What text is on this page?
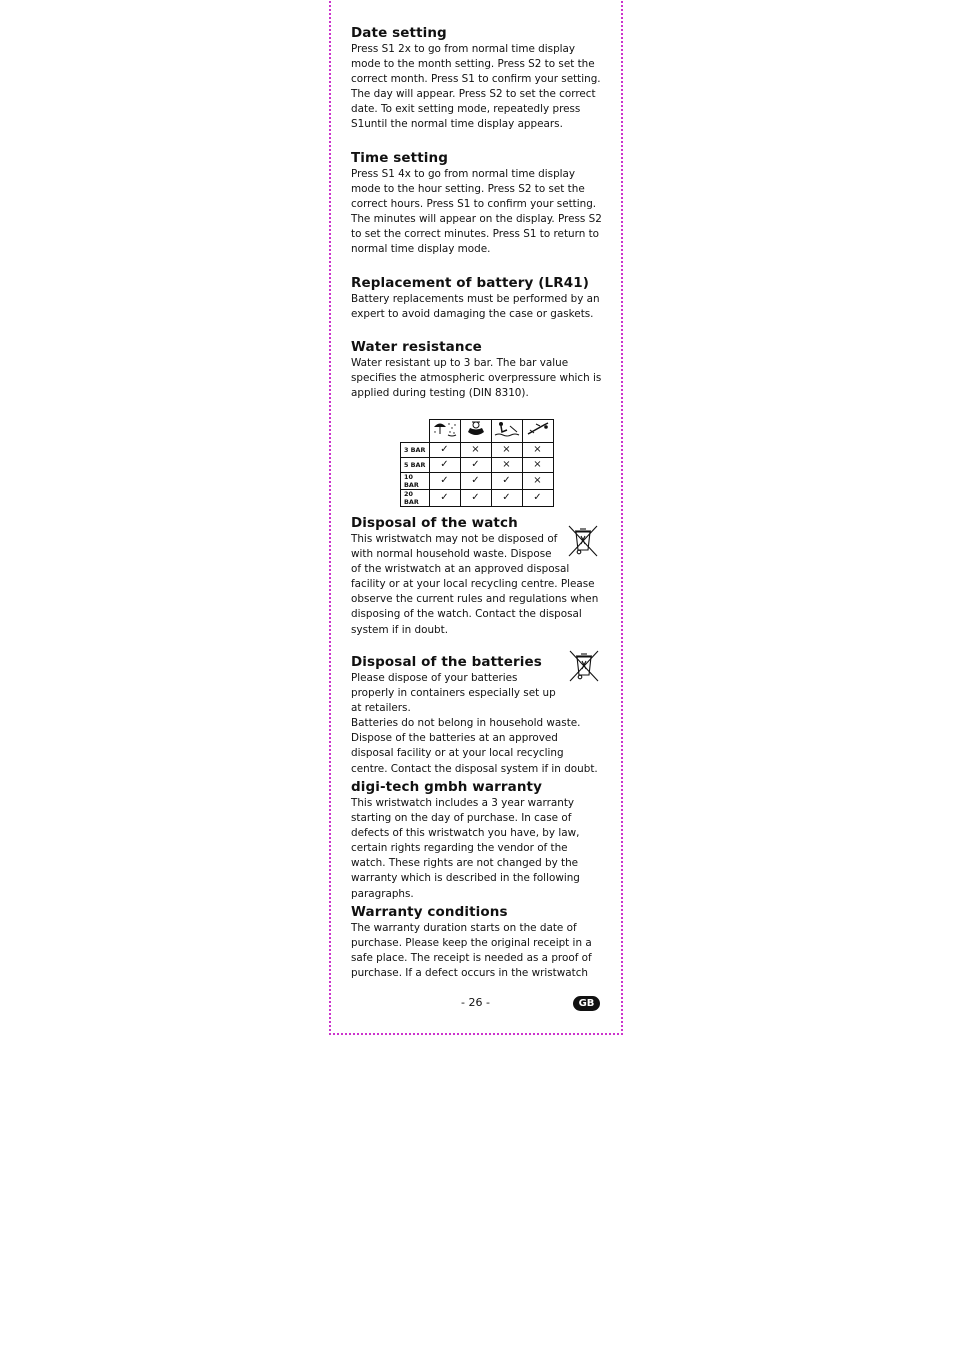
Date setting

Press S1 2x to go from normal time display mode to the month setting. Press S2 to set the correct month. Press S1 to confirm your setting. The day will appear. Press S2 to set the correct date. To exit setting mode, repeatedly press S1until the normal time display appears.

Time setting

Press S1 4x to go from normal time display mode to the hour setting. Press S2 to set the correct hours. Press S1 to confirm your setting. The minutes will appear on the display. Press S2 to set the correct minutes. Press S1 to return to normal time display mode.

Replacement of battery (LR41)

Battery replacements must be performed by an expert to avoid damaging the case or gaskets.

Water resistance

Water resistant up to 3 bar. The bar value specifies the atmospheric overpressure which is applied during testing (DIN 8310).

Disposal of the watch

This wristwatch may not be disposed of with normal household waste. Dispose

of the wristwatch at an approved disposal facility or at your local recycling centre. Please observe the current rules and regulations when disposing of the watch. Contact the disposal system if in doubt.

Disposal of the batteries

Please dispose of your batteries properly in containers especially set up at retailers.

Batteries do not belong in household waste. Dispose of the batteries at an approved disposal facility or at your local recycling centre. Contact the disposal system if in doubt.

digi-tech gmbh warranty

This wristwatch includes a 3 year warranty starting on the day of purchase. In case of defects of this wristwatch you have, by law, certain rights regarding the vendor of the watch. These rights are not changed by the warranty which is described in the following paragraphs.

Warranty conditions

The warranty duration starts on the date of purchase. Please keep the original receipt in a safe place. The receipt is needed as a proof of purchase. If a defect occurs in the wristwatch

3 BAR	✓	×	×	×
5 BAR	✓	✓	×	×
10 BAR	✓	✓	✓	×
20 BAR	✓	✓	✓	✓
- 26 -	GB
